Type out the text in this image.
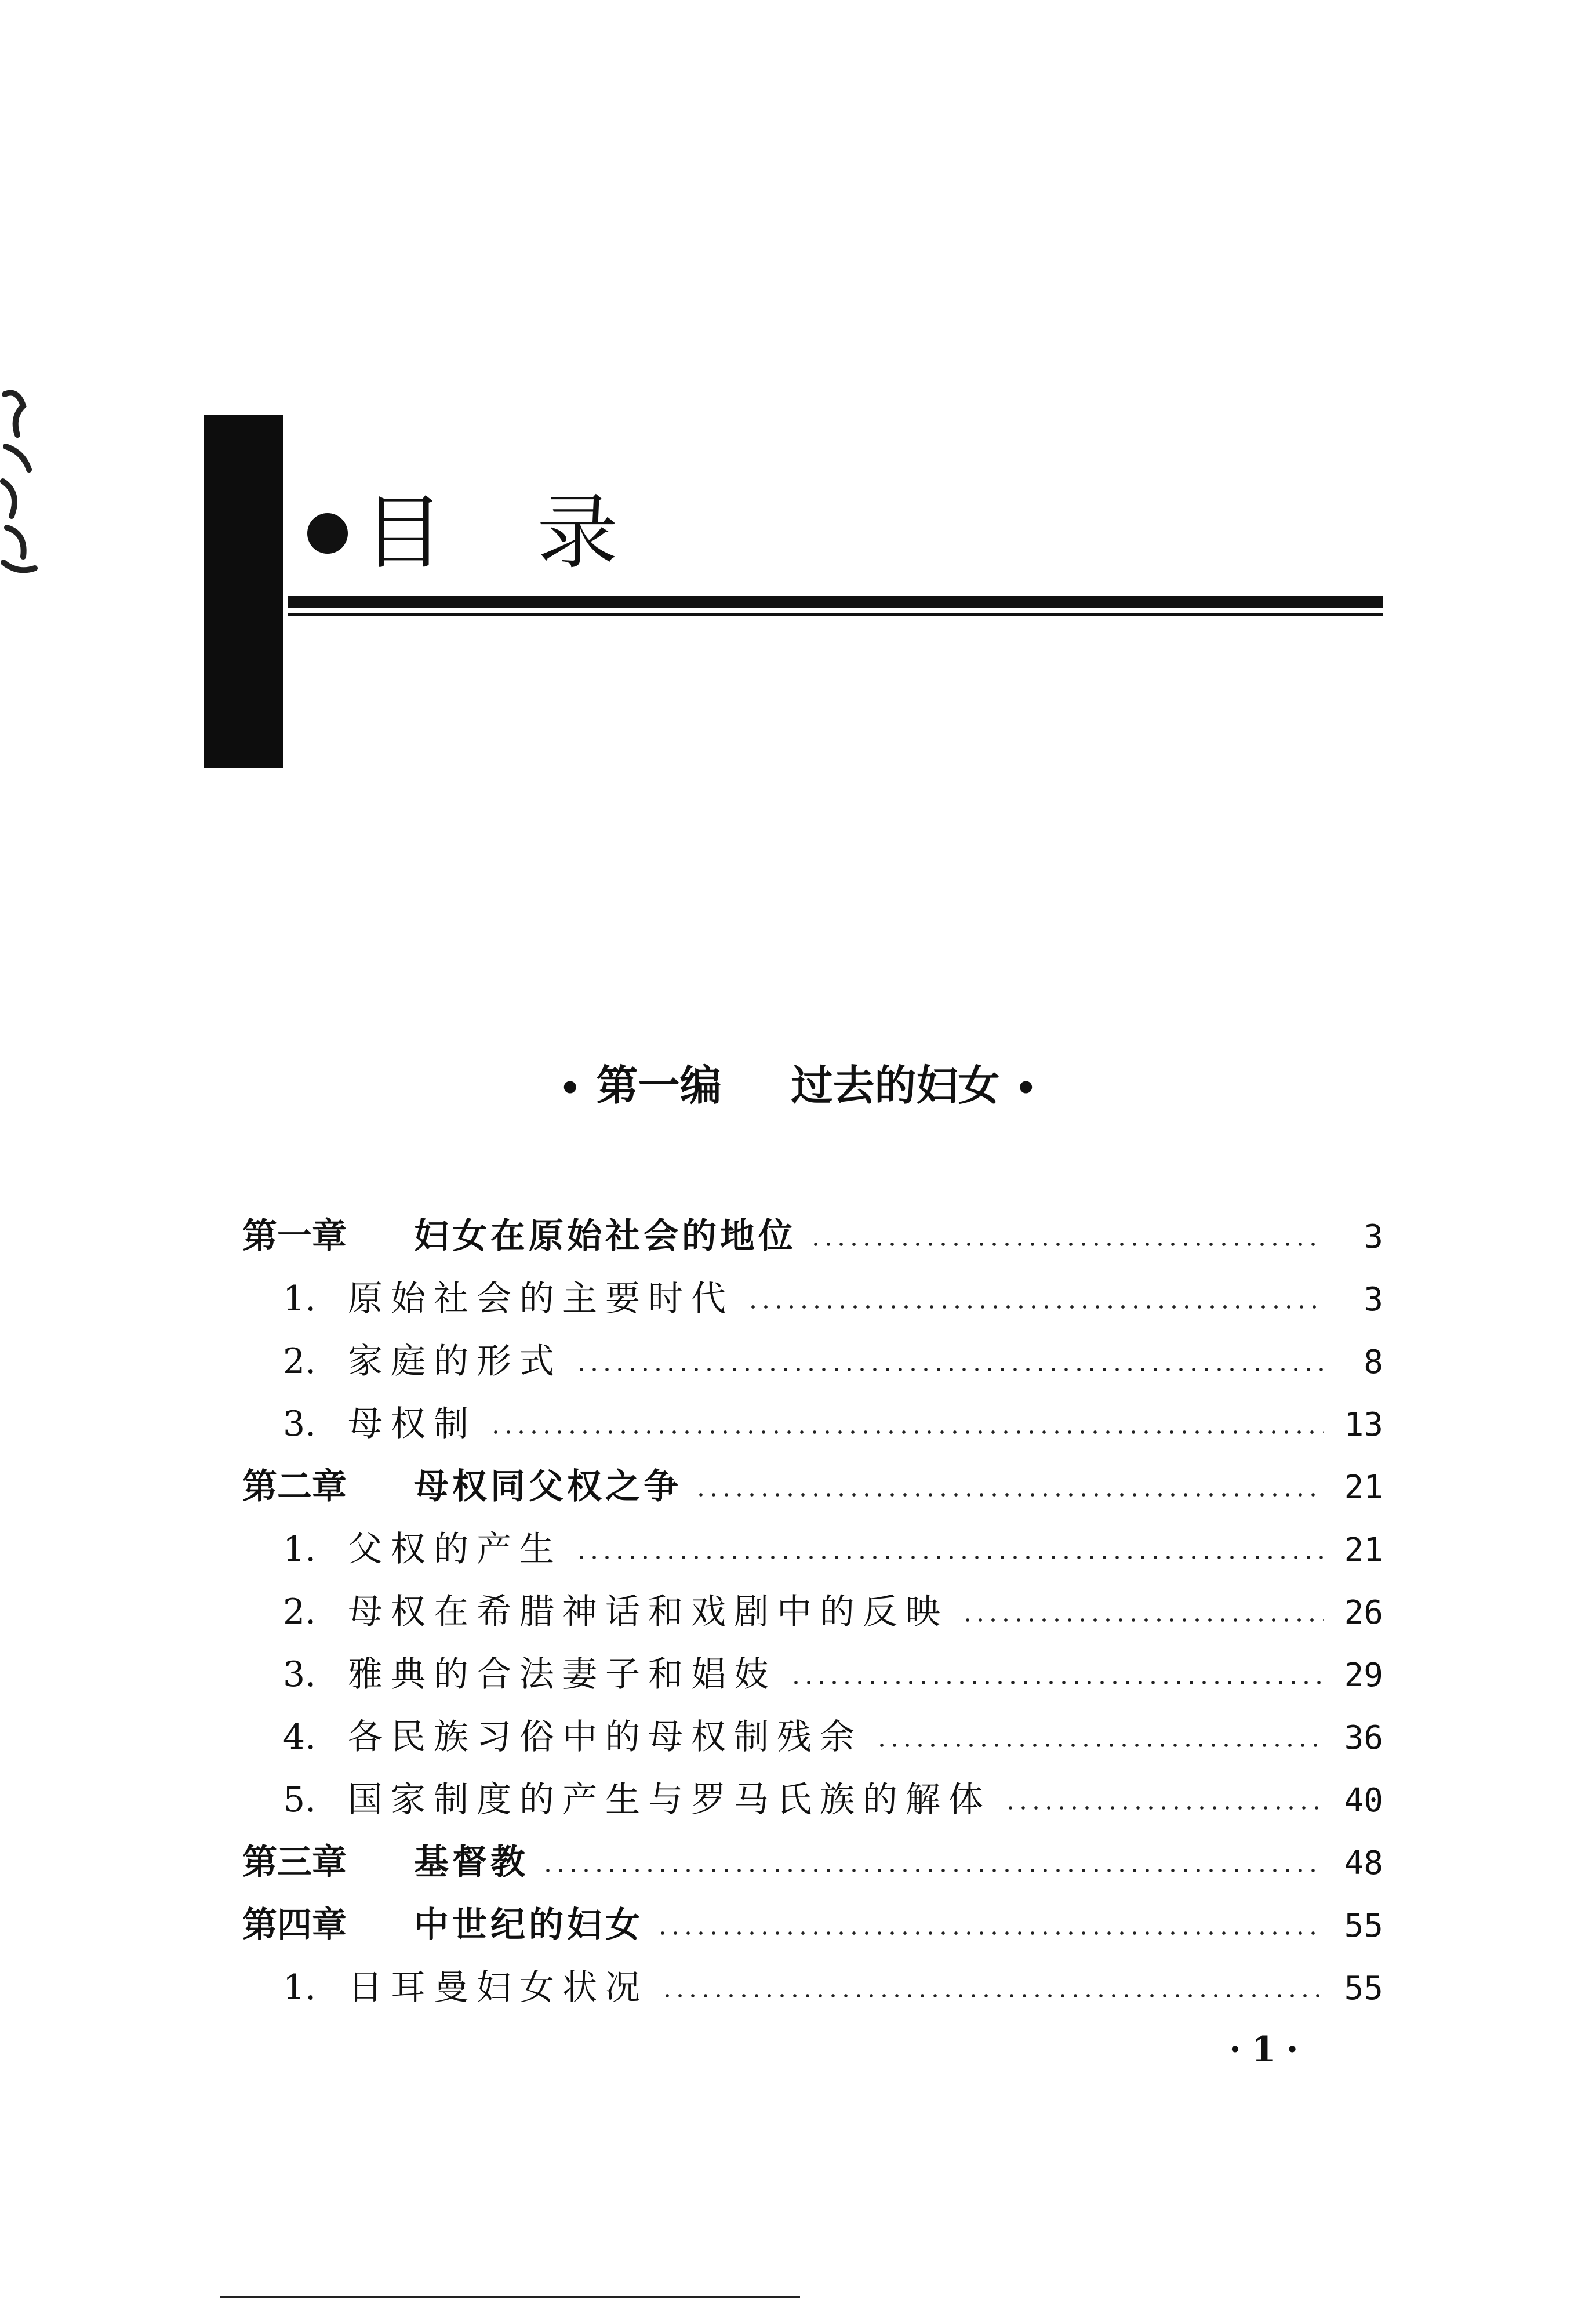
目录
• 第一编 过去的妇女 •
第一章	妇女在原始社会的地位	3
1. 原始社会的主要时代	3
2. 家庭的形式	8
3. 母权制	13
第二章	母权同父权之争	21
1. 父权的产生	21
2. 母权在希腊神话和戏剧中的反映	26
3. 雅典的合法妻子和娼妓	29
4. 各民族习俗中的母权制残余	36
5. 国家制度的产生与罗马氏族的解体	40
第三章	基督教	48
第四章	中世纪的妇女	55
1. 日耳曼妇女状况	55
·1·
